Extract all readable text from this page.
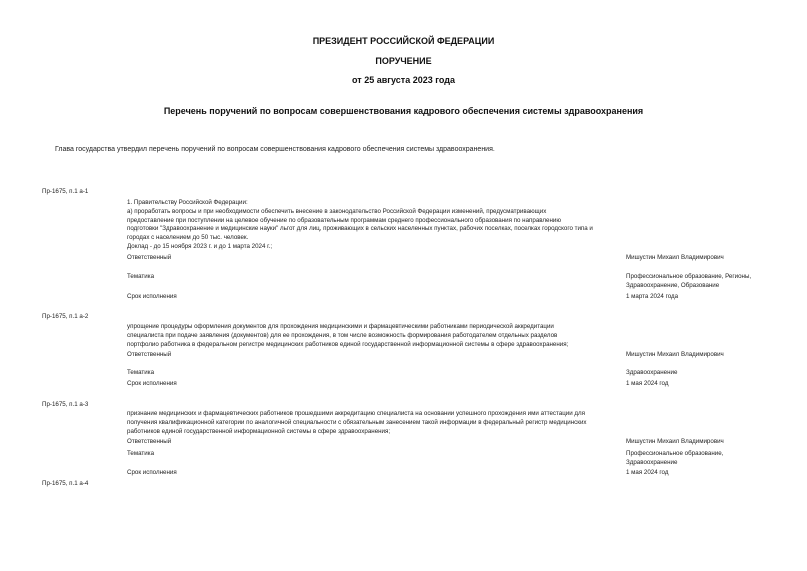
ПРЕЗИДЕНТ РОССИЙСКОЙ ФЕДЕРАЦИИ
ПОРУЧЕНИЕ
от 25 августа 2023 года
Перечень поручений по вопросам совершенствования кадрового обеспечения системы здравоохранения
Глава государства утвердил перечень поручений по вопросам совершенствования кадрового обеспечения системы здравоохранения.
Пр-1675, п.1 а-1
1. Правительству Российской Федерации:
а) проработать вопросы и при необходимости обеспечить внесение в законодательство Российской Федерации изменений, предусматривающих
предоставление при поступлении на целевое обучение по образовательным программам среднего профессионального образования по направлению
подготовки "Здравоохранение и медицинские науки" льгот для лиц, проживающих в сельских населенных пунктах, рабочих поселках, поселках городского типа и
городах с населением до 50 тыс. человек.
Доклад - до 15 ноября 2023 г. и до 1 марта 2024 г.;
Ответственный	Мишустин Михаил Владимирович
Тематика	Профессиональное образование, Регионы,
Здравоохранение, Образование
Срок исполнения	1 марта 2024 года
Пр-1675, п.1 а-2
упрощение процедуры оформления документов для прохождения медицинскими и фармацевтическими работниками периодической аккредитации
специалиста при подаче заявления (документов) для ее прохождения, в том числе возможность формирования работодателем отдельных разделов
портфолио работника в федеральном регистре медицинских работников единой государственной информационной системы в сфере здравоохранения;
Ответственный	Мишустин Михаил Владимирович
Тематика	Здравоохранение
Срок исполнения	1 мая 2024 год
Пр-1675, п.1 а-3
признание медицинских и фармацевтических работников прошедшими аккредитацию специалиста на основании успешного прохождения ими аттестации для
получения квалификационной категории по аналогичной специальности с обязательным занесением такой информации в федеральный регистр медицинских
работников единой государственной информационной системы в сфере здравоохранения;
Ответственный	Мишустин Михаил Владимирович
Тематика	Профессиональное образование,
Здравоохранение
Срок исполнения	1 мая 2024 год
Пр-1675, п.1 а-4
